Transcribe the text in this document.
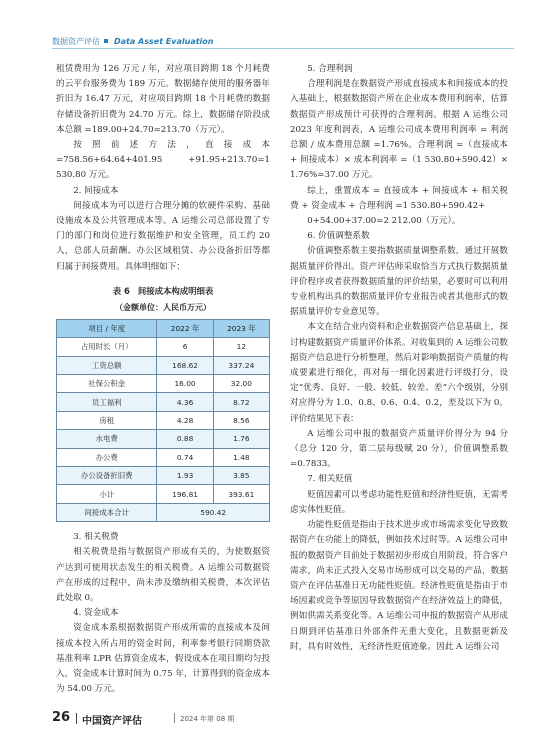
数据资产评估 Data Asset Evaluation

租赁费用为 126 万元 / 年，对应项目跨期 18 个月耗费的云平台服务费为 189 万元。数据储存使用的服务器年折旧为 16.47 万元，对应项目跨期 18 个月耗费的数据存储设备折旧费为 24.70 万元。综上，数据储存阶段成本总额 =189.00+24.70=213.70（万元）。

按照前述方法，直接成本 =758.56+64.64+401.95 +91.95+213.70=1 530.80 万元。

2. 间接成本

间接成本为可以进行合理分摊的软硬件采购、基础设施成本及公共管理成本等。A 运维公司总部设置了专门的部门和岗位进行数据维护和安全管理，员工约 20 人，总部人员薪酬、办公区域租赁、办公设备折旧等都归属于间接费用。具体明细如下：

表 6 间接成本构成明细表
（金额单位：人民币万元）
项目 / 年度	2022 年	2023 年
占用时长（月）	6	12
工资总额	168.62	337.24
社保公积金	16.00	32.00
员工福利	4.36	8.72
房租	4.28	8.56
水电费	0.88	1.76
办公费	0.74	1.48
办公设备折旧费	1.93	3.85
小计	196.81	393.61
间接成本合计	590.42	

3. 相关税费

相关税费是指与数据资产形成有关的，为使数据资产达到可使用状态发生的相关税费。A 运维公司数据资产在形成的过程中，尚未涉及缴纳相关税费，本次评估此处取 0。

4. 资金成本

资金成本系根据数据资产形成所需的直接成本及间接成本投入所占用的资金时间，利率参考银行同期贷款基准利率 LPR 估算资金成本，假设成本在项目期均匀投入，资金成本计算时间为 0.75 年，计算得到的资金成本为 54.00 万元。

5. 合理利润

合理利润是在数据资产形成直接成本和间接成本的投入基础上，根据数据资产所在企业成本费用利润率，估算数据资产形成预计可获得的合理利润。根据 A 运维公司 2023 年度利润表，A 运维公司成本费用利润率 = 利润总额 / 成本费用总额 =1.76%。合理利润 =（直接成本 + 间接成本）× 成本利润率 =（1 530.80+590.42）× 1.76%=37.00 万元。

综上，重置成本 = 直接成本 + 间接成本 + 相关税费 + 资金成本 + 合理利润 =1 530.80+590.42+

0+54.00+37.00=2 212.00（万元）。

6. 价值调整系数

价值调整系数主要指数据质量调整系数，通过开展数据质量评价得出。资产评估师采取恰当方式执行数据质量评价程序或者获得数据质量的评价结果，必要时可以利用专业机构出具的数据质量评价专业报告或者其他形式的数据质量评价专业意见等。

本文在结合业内资料和企业数据资产信息基础上，探讨构建数据资产质量评价体系。对收集到的 A 运维公司数据资产信息进行分析整理，然后对影响数据资产质量的构成要素进行细化，再对每一细化因素进行评级打分，设定“优秀、良好、一般、较低、较差、差”六个级别，分别对应得分为 1.0、0.8、0.6、0.4、0.2，差及以下为 0。评价结果见下表：

A 运维公司申报的数据资产质量评价得分为 94 分（总分 120 分，第二层每级赋 20 分），价值调整系数 =0.7833。

7. 相关贬值

贬值因素可以考虑功能性贬值和经济性贬值，无需考虑实体性贬值。

功能性贬值是指由于技术进步或市场需求变化导致数据资产在功能上的降低，例如技术过时等。A 运维公司申报的数据资产目前处于数据初步形成自用阶段，符合客户需求，尚未正式投入交易市场形成可以交易的产品，数据资产在评估基准日无功能性贬值。经济性贬值是指由于市场因素或竞争等原因导致数据资产在经济效益上的降低，例如供需关系变化等。A 运维公司申报的数据资产从形成日期到评估基准日外部条件无重大变化，且数据更新及时，具有时效性，无经济性贬值迹象。因此 A 运维公司

26 中国资产评估	2024 年第 08 期
